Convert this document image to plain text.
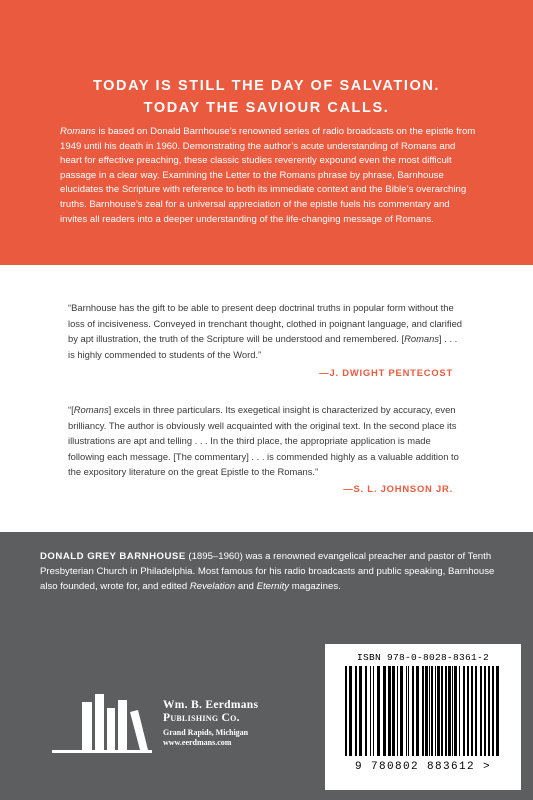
TODAY IS STILL THE DAY OF SALVATION.
TODAY THE SAVIOUR CALLS.
Romans is based on Donald Barnhouse’s renowned series of radio broadcasts on the epistle from 1949 until his death in 1960. Demonstrating the author’s acute understanding of Romans and heart for effective preaching, these classic studies reverently expound even the most difficult passage in a clear way. Examining the Letter to the Romans phrase by phrase, Barnhouse elucidates the Scripture with reference to both its immediate context and the Bible’s overarching truths. Barnhouse’s zeal for a universal appreciation of the epistle fuels his commentary and invites all readers into a deeper understanding of the life-changing message of Romans.
“Barnhouse has the gift to be able to present deep doctrinal truths in popular form without the loss of incisiveness. Conveyed in trenchant thought, clothed in poignant language, and clarified by apt illustration, the truth of the Scripture will be understood and remembered. [Romans] . . . is highly commended to students of the Word.”
—J. DWIGHT PENTECOST
“[Romans] excels in three particulars. Its exegetical insight is characterized by accuracy, even brilliancy. The author is obviously well acquainted with the original text. In the second place its illustrations are apt and telling . . . In the third place, the appropriate application is made following each message. [The commentary] . . . is commended highly as a valuable addition to the expository literature on the great Epistle to the Romans.”
—S. L. JOHNSON JR.
DONALD GREY BARNHOUSE (1895–1960) was a renowned evangelical preacher and pastor of Tenth Presbyterian Church in Philadelphia. Most famous for his radio broadcasts and public speaking, Barnhouse also founded, wrote for, and edited Revelation and Eternity magazines.
Wm. B. Eerdmans
Publishing Co.
Grand Rapids, Michigan
www.eerdmans.com
ISBN 978-0-8028-8361-2
9 780802 883612 >
